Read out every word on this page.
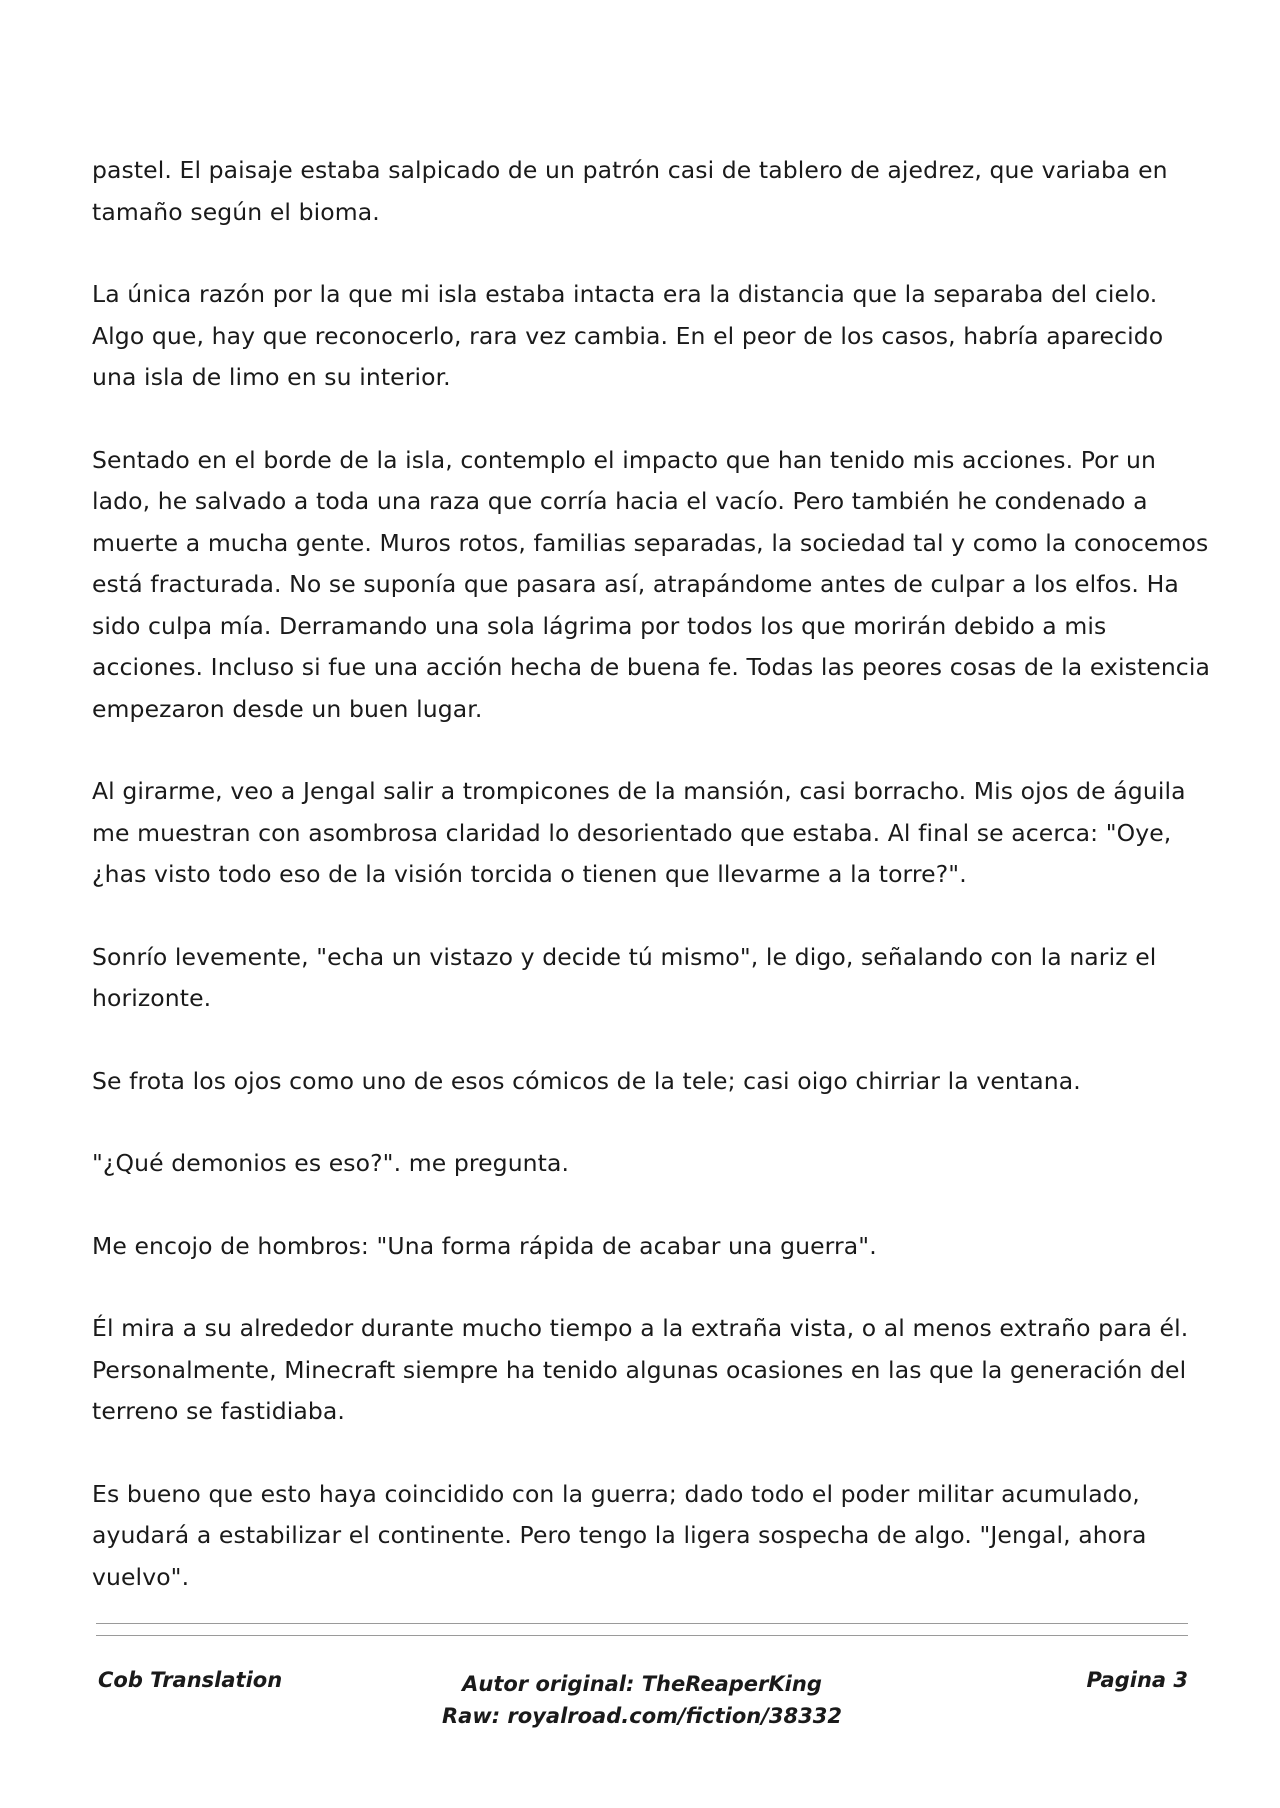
pastel. El paisaje estaba salpicado de un patrón casi de tablero de ajedrez, que variaba en tamaño según el bioma.

La única razón por la que mi isla estaba intacta era la distancia que la separaba del cielo. Algo que, hay que reconocerlo, rara vez cambia. En el peor de los casos, habría aparecido una isla de limo en su interior.

Sentado en el borde de la isla, contemplo el impacto que han tenido mis acciones. Por un lado, he salvado a toda una raza que corría hacia el vacío. Pero también he condenado a muerte a mucha gente. Muros rotos, familias separadas, la sociedad tal y como la conocemos está fracturada. No se suponía que pasara así, atrapándome antes de culpar a los elfos. Ha sido culpa mía. Derramando una sola lágrima por todos los que morirán debido a mis acciones. Incluso si fue una acción hecha de buena fe. Todas las peores cosas de la existencia empezaron desde un buen lugar.

Al girarme, veo a Jengal salir a trompicones de la mansión, casi borracho. Mis ojos de águila me muestran con asombrosa claridad lo desorientado que estaba. Al final se acerca: "Oye, ¿has visto todo eso de la visión torcida o tienen que llevarme a la torre?".

Sonrío levemente, "echa un vistazo y decide tú mismo", le digo, señalando con la nariz el horizonte.

Se frota los ojos como uno de esos cómicos de la tele; casi oigo chirriar la ventana.

"¿Qué demonios es eso?". me pregunta.

Me encojo de hombros: "Una forma rápida de acabar una guerra".

Él mira a su alrededor durante mucho tiempo a la extraña vista, o al menos extraño para él. Personalmente, Minecraft siempre ha tenido algunas ocasiones en las que la generación del terreno se fastidiaba.

Es bueno que esto haya coincidido con la guerra; dado todo el poder militar acumulado, ayudará a estabilizar el continente. Pero tengo la ligera sospecha de algo. "Jengal, ahora vuelvo".

Cob Translation	Autor original: TheReaperKing
Raw: royalroad.com/fiction/38332
Pagina 3
